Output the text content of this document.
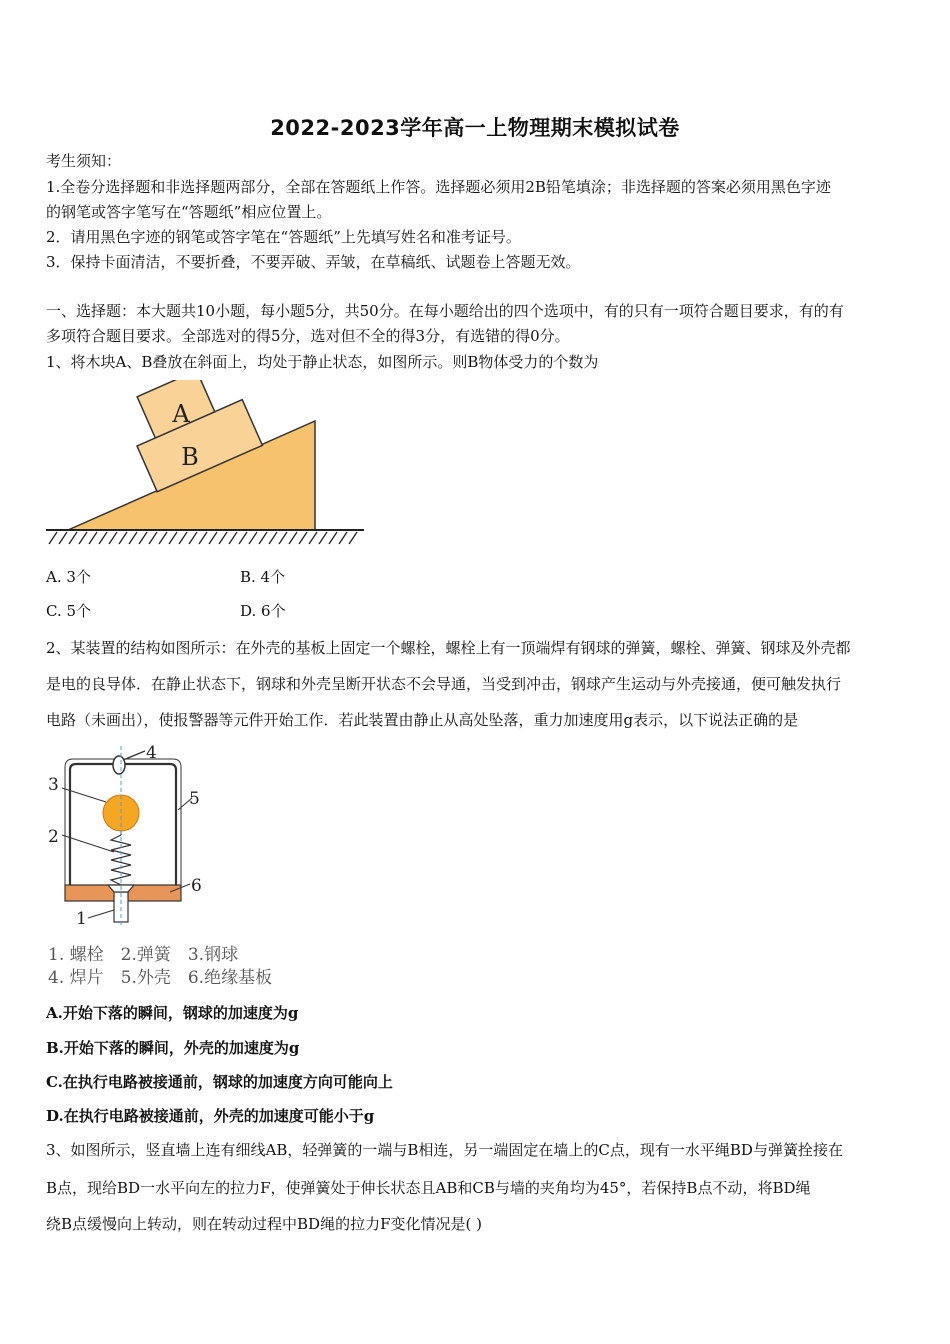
2022-2023学年高一上物理期末模拟试卷
考生须知：
1.全卷分选择题和非选择题两部分，全部在答题纸上作答。选择题必须用2B铅笔填涂；非选择题的答案必须用黑色字迹
的钢笔或答字笔写在“答题纸”相应位置上。
2．请用黑色字迹的钢笔或答字笔在“答题纸”上先填写姓名和准考证号。
3．保持卡面清洁，不要折叠，不要弄破、弄皱，在草稿纸、试题卷上答题无效。
一、选择题：本大题共10小题，每小题5分，共50分。在每小题给出的四个选项中，有的只有一项符合题目要求，有的有
多项符合题目要求。全部选对的得5分，选对但不全的得3分，有选错的得0分。
1、将木块A、B叠放在斜面上，均处于静止状态，如图所示。则B物体受力的个数为
A
B
A. 3个	B. 4个
C. 5个	D. 6个
2、某装置的结构如图所示：在外壳的基板上固定一个螺栓，螺栓上有一顶端焊有钢球的弹簧，螺栓、弹簧、钢球及外壳都
是电的良导体．在静止状态下，钢球和外壳呈断开状态不会导通，当受到冲击，钢球产生运动与外壳接通，便可触发执行
电路（未画出），使报警器等元件开始工作．若此装置由静止从高处坠落，重力加速度用g表示，以下说法正确的是
4
3
5
2
6
1
1. 螺栓　2.弹簧　3.钢球
4. 焊片　5.外壳　6.绝缘基板
A.开始下落的瞬间，钢球的加速度为g
B.开始下落的瞬间，外壳的加速度为g
C.在执行电路被接通前，钢球的加速度方向可能向上
D.在执行电路被接通前，外壳的加速度可能小于g
3、如图所示，竖直墙上连有细线AB，轻弹簧的一端与B相连，另一端固定在墙上的C点，现有一水平绳BD与弹簧拴接在
B点，现给BD一水平向左的拉力F，使弹簧处于伸长状态且AB和CB与墙的夹角均为45°，若保持B点不动，将BD绳
绕B点缓慢向上转动，则在转动过程中BD绳的拉力F变化情况是( )
